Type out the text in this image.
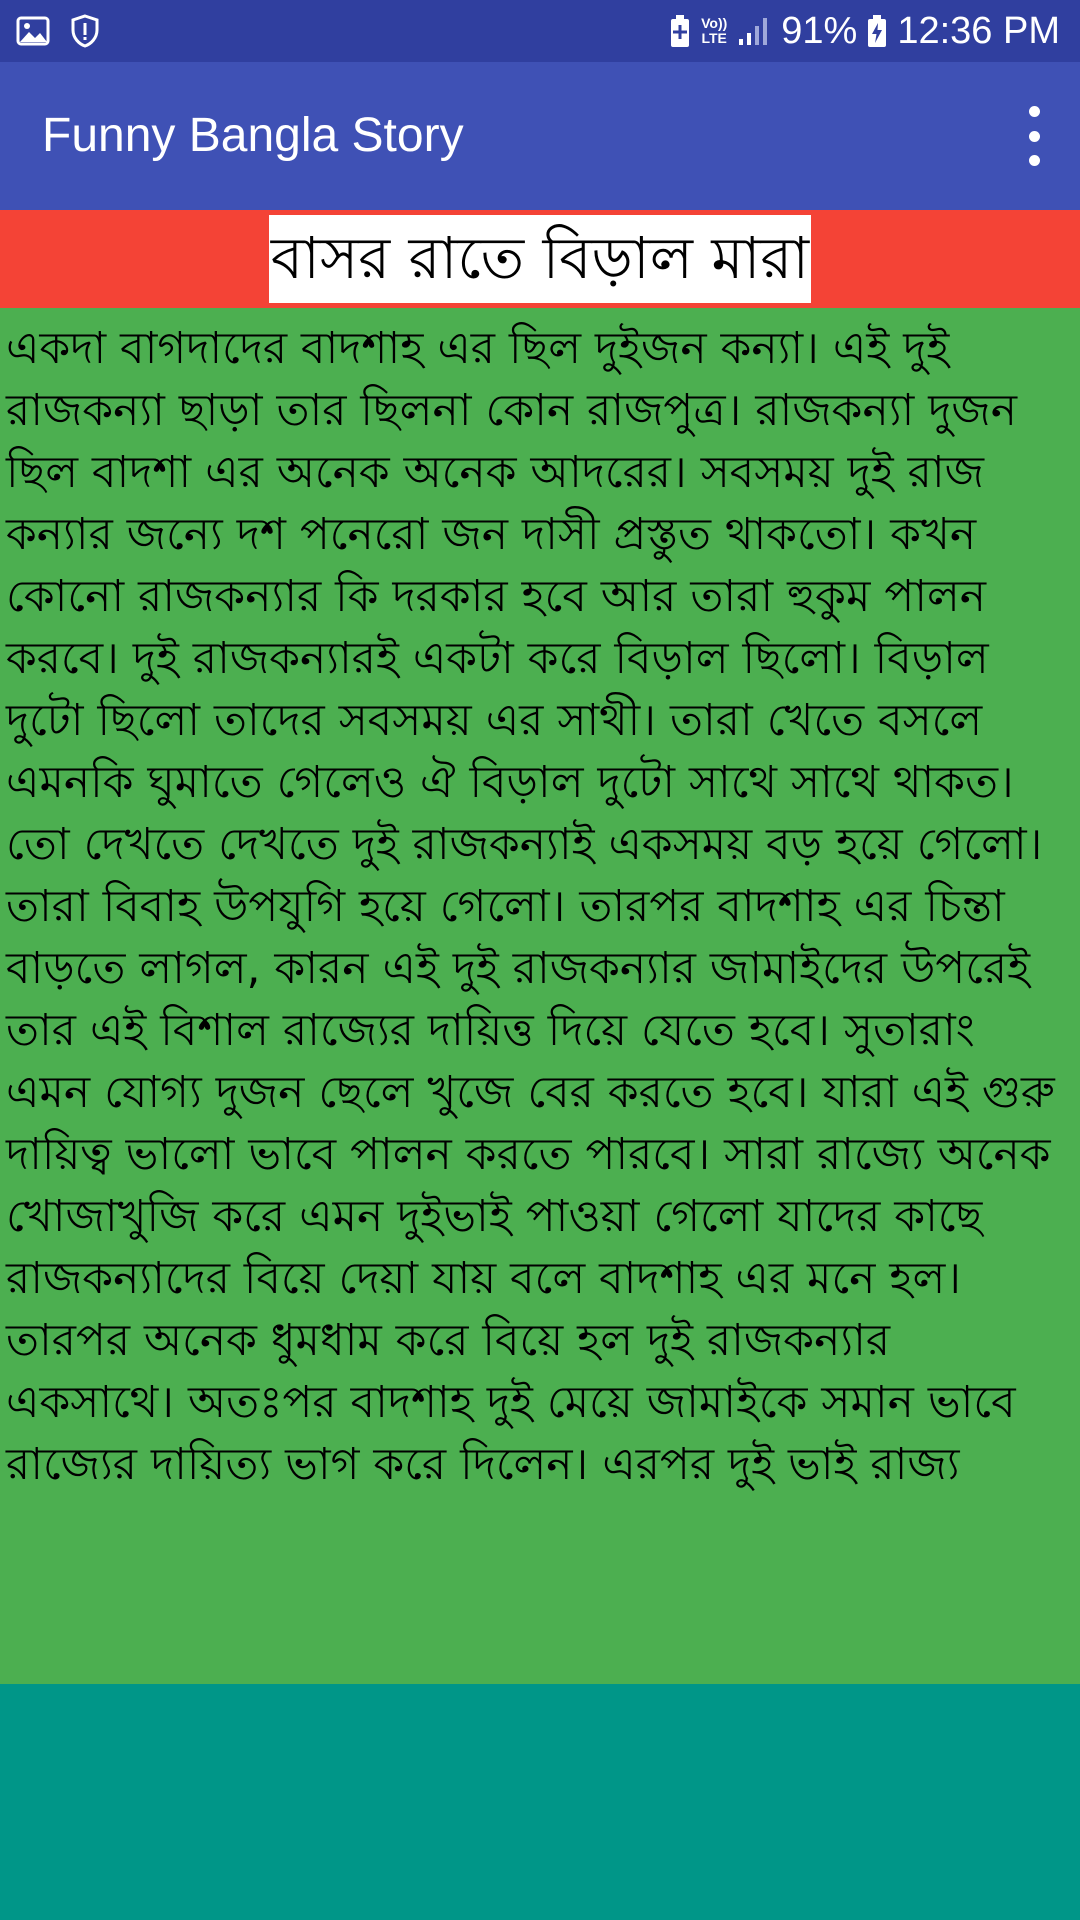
Vo))
LTE 91% 12:36 PM
Funny Bangla Story
বাসর রাতে বিড়াল মারা

একদা বাগদাদের বাদশাহ এর ছিল দুইজন কন্যা। এই দুই রাজকন্যা ছাড়া তার ছিলনা কোন রাজপুত্র। রাজকন্যা দুজন ছিল বাদশা এর অনেক অনেক আদরের। সবসময় দুই রাজ কন্যার জন্যে দশ পনেরো জন দাসী প্রস্তুত থাকতো। কখন কোনো রাজকন্যার কি দরকার হবে আর তারা হুকুম পালন করবে। দুই রাজকন্যারই একটা করে বিড়াল ছিলো। বিড়াল দুটো ছিলো তাদের সবসময় এর সাথী। তারা খেতে বসলে এমনকি ঘুমাতে গেলেও ঐ বিড়াল দুটো সাথে সাথে থাকত। তো দেখতে দেখতে দুই রাজকন্যাই একসময় বড় হয়ে গেলো। তারা বিবাহ উপযুগি হয়ে গেলো। তারপর বাদশাহ এর চিন্তা বাড়তে লাগল, কারন এই দুই রাজকন্যার জামাইদের উপরেই তার এই বিশাল রাজ্যের দায়িত্ত দিয়ে যেতে হবে। সুতারাং এমন যোগ্য দুজন ছেলে খুজে বের করতে হবে। যারা এই গুরু দায়িত্ব ভালো ভাবে পালন করতে পারবে। সারা রাজ্যে অনেক খোজাখুজি করে এমন দুইভাই পাওয়া গেলো যাদের কাছে রাজকন্যাদের বিয়ে দেয়া যায় বলে বাদশাহ এর মনে হল। তারপর অনেক ধুমধাম করে বিয়ে হল দুই রাজকন্যার একসাথে। অতঃপর বাদশাহ দুই মেয়ে জামাইকে সমান ভাবে রাজ্যের দায়িত্য ভাগ করে দিলেন। এরপর দুই ভাই রাজ্য
